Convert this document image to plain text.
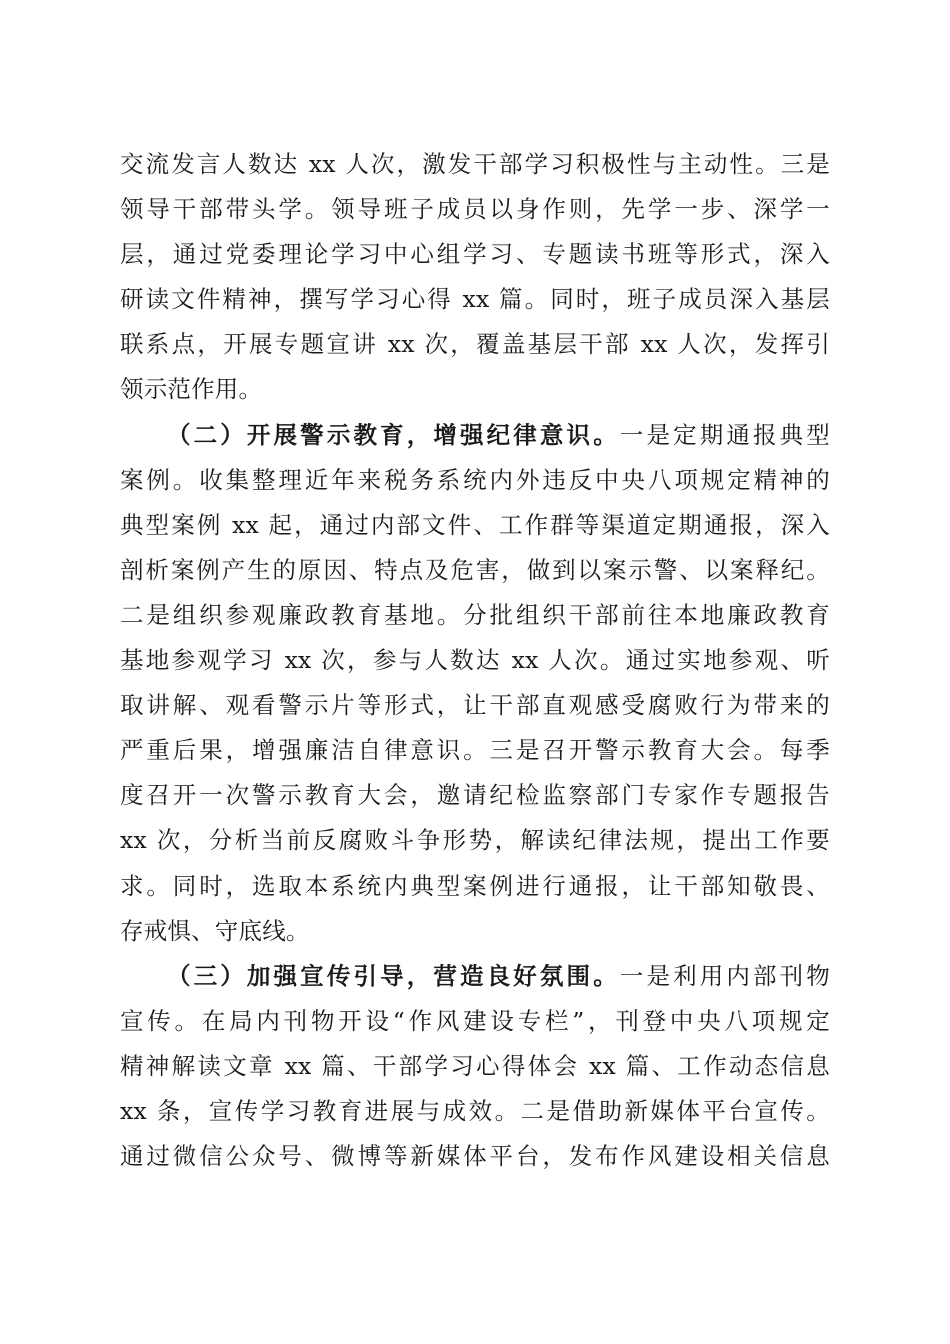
交流发言人数达 xx 人次，激发干部学习积极性与主动性。三是
领导干部带头学。领导班子成员以身作则，先学一步、深学一
层，通过党委理论学习中心组学习、专题读书班等形式，深入
研读文件精神，撰写学习心得 xx 篇。同时，班子成员深入基层
联系点，开展专题宣讲 xx 次，覆盖基层干部 xx 人次，发挥引
领示范作用。
（二）开展警示教育，增强纪律意识。一是定期通报典型
案例。收集整理近年来税务系统内外违反中央八项规定精神的
典型案例 xx 起，通过内部文件、工作群等渠道定期通报，深入
剖析案例产生的原因、特点及危害，做到以案示警、以案释纪。
二是组织参观廉政教育基地。分批组织干部前往本地廉政教育
基地参观学习 xx 次，参与人数达 xx 人次。通过实地参观、听
取讲解、观看警示片等形式，让干部直观感受腐败行为带来的
严重后果，增强廉洁自律意识。三是召开警示教育大会。每季
度召开一次警示教育大会，邀请纪检监察部门专家作专题报告
xx 次，分析当前反腐败斗争形势，解读纪律法规，提出工作要
求。同时，选取本系统内典型案例进行通报，让干部知敬畏、
存戒惧、守底线。
（三）加强宣传引导，营造良好氛围。一是利用内部刊物
宣传。在局内刊物开设“作风建设专栏”，刊登中央八项规定
精神解读文章 xx 篇、干部学习心得体会 xx 篇、工作动态信息
xx 条，宣传学习教育进展与成效。二是借助新媒体平台宣传。
通过微信公众号、微博等新媒体平台，发布作风建设相关信息
